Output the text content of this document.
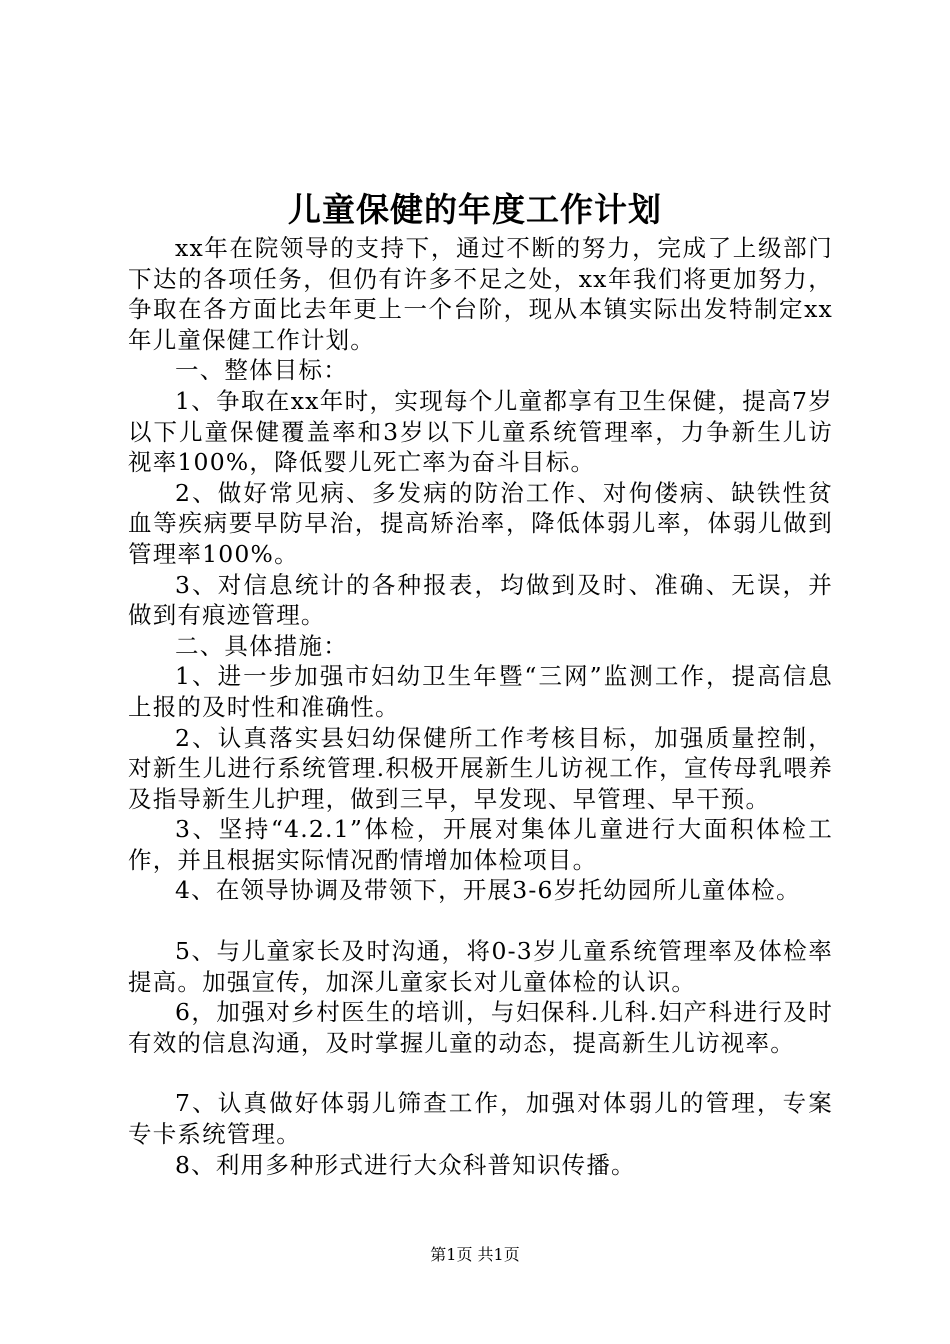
儿童保健的年度工作计划

xx年在院领导的支持下，通过不断的努力，完成了上级部门下达的各项任务，但仍有许多不足之处，xx年我们将更加努力，争取在各方面比去年更上一个台阶，现从本镇实际出发特制定xx年儿童保健工作计划。

一、整体目标：

1、争取在xx年时，实现每个儿童都享有卫生保健，提高7岁以下儿童保健覆盖率和3岁以下儿童系统管理率，力争新生儿访视率100%，降低婴儿死亡率为奋斗目标。

2、做好常见病、多发病的防治工作、对佝偻病、缺铁性贫血等疾病要早防早治，提高矫治率，降低体弱儿率，体弱儿做到管理率100%。

3、对信息统计的各种报表，均做到及时、准确、无误，并做到有痕迹管理。

二、具体措施：

1、进一步加强市妇幼卫生年暨“三网”监测工作，提高信息上报的及时性和准确性。

2、认真落实县妇幼保健所工作考核目标，加强质量控制，对新生儿进行系统管理.积极开展新生儿访视工作，宣传母乳喂养及指导新生儿护理，做到三早，早发现、早管理、早干预。

3、坚持“4.2.1”体检，开展对集体儿童进行大面积体检工作，并且根据实际情况酌情增加体检项目。

4、在领导协调及带领下，开展3-6岁托幼园所儿童体检。

5、与儿童家长及时沟通，将0-3岁儿童系统管理率及体检率提高。加强宣传，加深儿童家长对儿童体检的认识。

6，加强对乡村医生的培训，与妇保科.儿科.妇产科进行及时有效的信息沟通，及时掌握儿童的动态，提高新生儿访视率。

7、认真做好体弱儿筛查工作，加强对体弱儿的管理，专案专卡系统管理。

8、利用多种形式进行大众科普知识传播。

第1页 共1页
